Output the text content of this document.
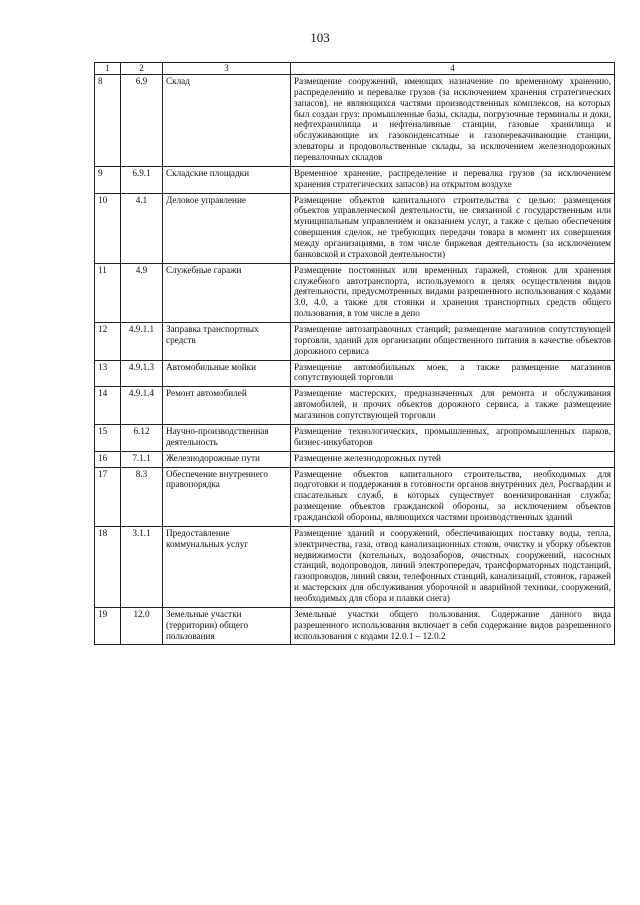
103
1	2	3	4
8	6.9	Склад	Размещение сооружений, имеющих назначение по временному хранению, распределению и перевалке грузов (за исключением хранения стратегических запасов), не являющихся частями производственных комплексов, на которых был создан груз: промышленные базы, склады, погрузочные терминалы и доки, нефтехранилища и нефтеналивные станции, газовые хранилища и обслуживающие их газоконденсатные и газоперекачивающие станции, элеваторы и продовольственные склады, за исключением железнодорожных перевалочных складов
9	6.9.1	Складские площадки	Временное хранение, распределение и перевалка грузов (за исключением хранения стратегических запасов) на открытом воздухе
10	4.1	Деловое управление	Размещение объектов капитального строительства с целью: размещения объектов управленческой деятельности, не связанной с государственным или муниципальным управлением и оказанием услуг, а также с целью обеспечения совершения сделок, не требующих передачи товара в момент их совершения между организациями, в том числе биржевая деятельность (за исключением банковской и страховой деятельности)
11	4.9	Служебные гаражи	Размещение постоянных или временных гаражей, стоянок для хранения служебного автотранспорта, используемого в целях осуществления видов деятельности, предусмотренных видами разрешенного использования с кодами 3.0, 4.0, а также для стоянки и хранения транспортных средств общего пользования, в том числе в депо
12	4.9.1.1	Заправка транспортных средств	Размещение автозаправочных станций; размещение магазинов сопутствующей торговли, зданий для организации общественного питания в качестве объектов дорожного сервиса
13	4.9.1.3	Автомобильные мойки	Размещение автомобильных моек, а также размещение магазинов сопутствующей торговли
14	4.9.1.4	Ремонт автомобилей	Размещение мастерских, предназначенных для ремонта и обслуживания автомобилей, и прочих объектов дорожного сервиса, а также размещение магазинов сопутствующей торговли
15	6.12	Научно-производственная деятельность	Размещение технологических, промышленных, агропромышленных парков, бизнес-инкубаторов
16	7.1.1	Железнодорожные пути	Размещение железнодорожных путей
17	8.3	Обеспечение внутреннего правопорядка	Размещение объектов капитального строительства, необходимых для подготовки и поддержания в готовности органов внутренних дел, Росгвардии и спасательных служб, в которых существует военизированная служба; размещение объектов гражданской обороны, за исключением объектов гражданской обороны, являющихся частями производственных зданий
18	3.1.1	Предоставление коммунальных услуг	Размещение зданий и сооружений, обеспечивающих поставку воды, тепла, электричества, газа, отвод канализационных стоков, очистку и уборку объектов недвижимости (котельных, водозаборов, очистных сооружений, насосных станций, водопроводов, линий электропередач, трансформаторных подстанций, газопроводов, линий связи, телефонных станций, канализаций, стоянок, гаражей и мастерских для обслуживания уборочной и аварийной техники, сооружений, необходимых для сбора и плавки снега)
19	12.0	Земельные участки (территории) общего пользования	Земельные участки общего пользования. Содержание данного вида разрешенного использования включает в себя содержание видов разрешенного использования с кодами 12.0.1 – 12.0.2
